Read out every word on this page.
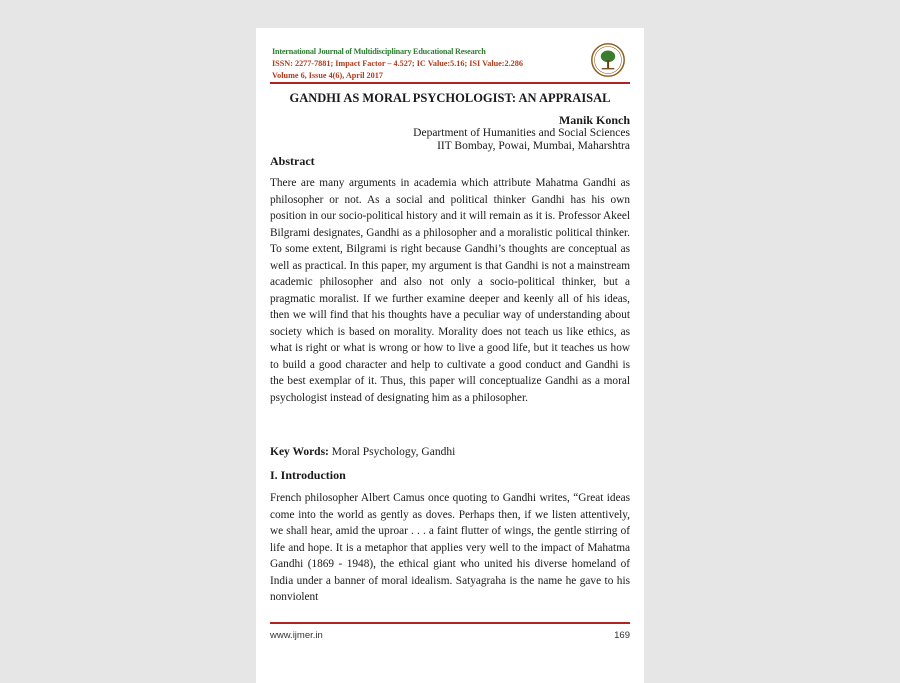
International Journal of Multidisciplinary Educational Research
ISSN: 2277-7881; Impact Factor – 4.527; IC Value:5.16; ISI Value:2.286
Volume 6, Issue 4(6), April 2017
GANDHI AS MORAL PSYCHOLOGIST: AN APPRAISAL
Manik Konch
Department of Humanities and Social Sciences
IIT Bombay, Powai, Mumbai, Maharshtra
Abstract
There are many arguments in academia which attribute Mahatma Gandhi as philosopher or not. As a social and political thinker Gandhi has his own position in our socio-political history and it will remain as it is. Professor Akeel Bilgrami designates, Gandhi as a philosopher and a moralistic political thinker. To some extent, Bilgrami is right because Gandhi’s thoughts are conceptual as well as practical. In this paper, my argument is that Gandhi is not a mainstream academic philosopher and also not only a socio-political thinker, but a pragmatic moralist. If we further examine deeper and keenly all of his ideas, then we will find that his thoughts have a peculiar way of understanding about society which is based on morality. Morality does not teach us like ethics, as what is right or what is wrong or how to live a good life, but it teaches us how to build a good character and help to cultivate a good conduct and Gandhi is the best exemplar of it. Thus, this paper will conceptualize Gandhi as a moral psychologist instead of designating him as a philosopher.
Key Words: Moral Psychology, Gandhi
I. Introduction
French philosopher Albert Camus once quoting to Gandhi writes, “Great ideas come into the world as gently as doves. Perhaps then, if we listen attentively, we shall hear, amid the uproar . . . a faint flutter of wings, the gentle stirring of life and hope. It is a metaphor that applies very well to the impact of Mahatma Gandhi (1869 - 1948), the ethical giant who united his diverse homeland of India under a banner of moral idealism. Satyagraha is the name he gave to his nonviolent
www.ijmer.in	169
